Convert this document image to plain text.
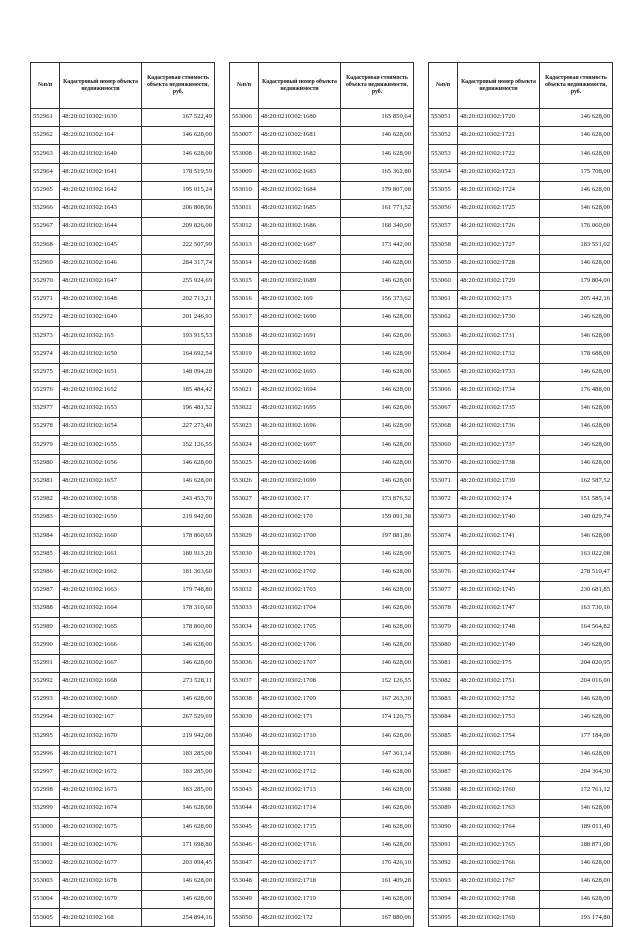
№п/п	Кадастровый номер объекта недвижимости	Кадастровая стоимость объекта недвижимости, руб.
552961	48:20:0210302:1639	167 522,49
552962	48:20:0210302:164	146 628,00
552963	48:20:0210302:1640	146 628,00
552964	48:20:0210302:1641	178 519,59
552965	48:20:0210302:1642	195 015,24
552966	48:20:0210302:1643	206 808,06
552967	48:20:0210302:1644	209 826,00
552968	48:20:0210302:1645	222 507,99
552969	48:20:0210302:1646	284 317,74
552970	48:20:0210302:1647	255 924,69
552971	48:20:0210302:1648	202 713,21
552972	48:20:0210302:1649	201 246,93
552973	48:20:0210302:165	193 915,53
552974	48:20:0210302:1650	164 692,54
552975	48:20:0210302:1651	148 094,28
552976	48:20:0210302:1652	185 484,42
552977	48:20:0210302:1653	196 481,52
552978	48:20:0210302:1654	227 273,40
552979	48:20:0210302:1655	152 126,55
552980	48:20:0210302:1656	146 628,00
552981	48:20:0210302:1657	146 628,00
552982	48:20:0210302:1658	243 453,70
552983	48:20:0210302:1659	219 942,00
552984	48:20:0210302:1660	178 860,69
552985	48:20:0210302:1661	180 913,20
552986	48:20:0210302:1662	181 363,60
552987	48:20:0210302:1663	179 748,80
552988	48:20:0210302:1664	178 310,60
552989	48:20:0210302:1665	178 860,00
552990	48:20:0210302:1666	146 628,00
552991	48:20:0210302:1667	146 628,00
552992	48:20:0210302:1668	273 528,11
552993	48:20:0210302:1669	146 628,00
552994	48:20:0210302:167	267 529,69
552995	48:20:0210302:1670	219 942,00
552996	48:20:0210302:1671	183 285,00
552997	48:20:0210302:1672	183 285,00
552998	48:20:0210302:1673	183 285,00
552999	48:20:0210302:1674	146 628,00
553000	48:20:0210302:1675	146 628,00
553001	48:20:0210302:1676	171 698,80
553002	48:20:0210302:1677	203 094,45
553003	48:20:0210302:1678	146 628,00
553004	48:20:0210302:1679	146 628,00
553005	48:20:0210302:168	254 894,16
№п/п	Кадастровый номер объекта недвижимости	Кадастровая стоимость объекта недвижимости, руб.
553006	48:20:0210302:1680	165 859,64
553007	48:20:0210302:1681	146 628,00
553008	48:20:0210302:1682	146 628,00
553009	48:20:0210302:1683	165 362,80
553010	48:20:0210302:1684	179 807,08
553011	48:20:0210302:1685	161 771,52
553012	48:20:0210302:1686	168 340,00
553013	48:20:0210302:1687	173 442,00
553014	48:20:0210302:1688	146 628,00
553015	48:20:0210302:1689	146 628,00
553016	48:20:0210302:169	156 373,62
553017	48:20:0210302:1690	146 628,00
553018	48:20:0210302:1691	146 628,00
553019	48:20:0210302:1692	146 628,00
553020	48:20:0210302:1693	146 628,00
553021	48:20:0210302:1694	146 628,00
553022	48:20:0210302:1695	146 628,00
553023	48:20:0210302:1696	146 628,00
553024	48:20:0210302:1697	146 628,00
553025	48:20:0210302:1698	146 628,00
553026	48:20:0210302:1699	146 628,00
553027	48:20:0210302:17	173 876,52
553028	48:20:0210302:170	159 091,38
553029	48:20:0210302:1700	197 881,86
553030	48:20:0210302:1701	146 628,00
553031	48:20:0210302:1702	146 628,00
553032	48:20:0210302:1703	146 628,00
553033	48:20:0210302:1704	146 628,00
553034	48:20:0210302:1705	146 628,00
553035	48:20:0210302:1706	146 628,00
553036	48:20:0210302:1707	146 628,00
553037	48:20:0210302:1708	152 126,55
553038	48:20:0210302:1709	167 263,30
553039	48:20:0210302:171	174 120,75
553040	48:20:0210302:1710	146 628,00
553041	48:20:0210302:1711	147 361,14
553042	48:20:0210302:1712	146 628,00
553043	48:20:0210302:1713	146 628,00
553044	48:20:0210302:1714	146 628,00
553045	48:20:0210302:1715	146 628,00
553046	48:20:0210302:1716	146 628,00
553047	48:20:0210302:1717	176 426,10
553048	48:20:0210302:1718	161 409,28
553049	48:20:0210302:1719	146 628,00
553050	48:20:0210302:172	167 880,06
№п/п	Кадастровый номер объекта недвижимости	Кадастровая стоимость объекта недвижимости, руб.
553051	48:20:0210302:1720	146 628,00
553052	48:20:0210302:1721	146 628,00
553053	48:20:0210302:1722	146 628,00
553054	48:20:0210302:1723	175 708,00
553055	48:20:0210302:1724	146 628,00
553056	48:20:0210302:1725	146 628,00
553057	48:20:0210302:1726	176 060,00
553058	48:20:0210302:1727	183 551,02
553059	48:20:0210302:1728	146 628,00
553060	48:20:0210302:1729	179 804,00
553061	48:20:0210302:173	205 442,16
553062	48:20:0210302:1730	146 628,00
553063	48:20:0210302:1731	146 628,00
553064	48:20:0210302:1732	178 688,00
553065	48:20:0210302:1733	146 628,00
553066	48:20:0210302:1734	176 488,00
553067	48:20:0210302:1735	146 628,00
553068	48:20:0210302:1736	146 628,00
553069	48:20:0210302:1737	146 628,00
553070	48:20:0210302:1738	146 628,00
553071	48:20:0210302:1739	162 587,52
553072	48:20:0210302:174	151 585,14
553073	48:20:0210302:1740	140 029,74
553074	48:20:0210302:1741	146 628,00
553075	48:20:0210302:1743	163 022,08
553076	48:20:0210302:1744	278 510,47
553077	48:20:0210302:1745	230 681,85
553078	48:20:0210302:1747	163 730,16
553079	48:20:0210302:1748	164 564,82
553080	48:20:0210302:1749	146 628,00
553081	48:20:0210302:175	204 020,95
553082	48:20:0210302:1751	204 016,00
553083	48:20:0210302:1752	146 628,00
553084	48:20:0210302:1753	146 628,00
553085	48:20:0210302:1754	177 184,00
553086	48:20:0210302:1755	146 628,00
553087	48:20:0210302:176	204 364,30
553088	48:20:0210302:1760	172 761,12
553089	48:20:0210302:1763	146 628,00
553090	48:20:0210302:1764	189 011,40
553091	48:20:0210302:1765	188 871,00
553092	48:20:0210302:1766	146 628,00
553093	48:20:0210302:1767	146 628,00
553094	48:20:0210302:1768	146 628,00
553095	48:20:0210302:1769	193 174,80
